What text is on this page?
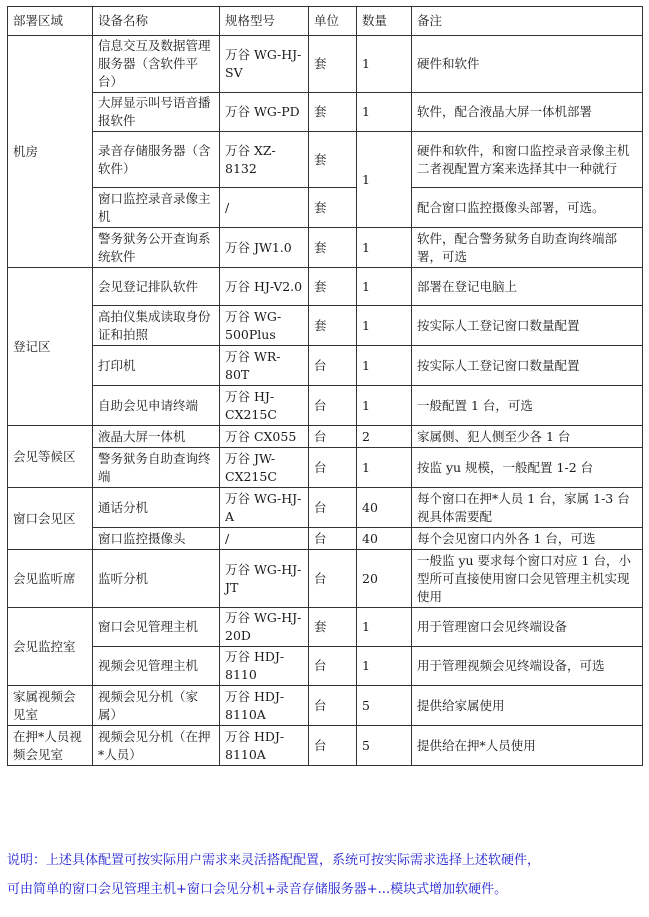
部署区域	设备名称	规格型号	单位	数量	备注
机房	信息交互及数据管理服务器（含软件平台）	万谷 WG-HJ-SV	套	1	硬件和软件
	大屏显示叫号语音播报软件	万谷 WG-PD	套	1	软件，配合液晶大屏一体机部署
	录音存储服务器（含软件）	万谷 XZ-8132	套	1	硬件和软件，和窗口监控录音录像主机二者视配置方案来选择其中一种就行
	窗口监控录音录像主机	/	套		配合窗口监控摄像头部署，可选。
	警务狱务公开查询系统软件	万谷 JW1.0	套	1	软件，配合警务狱务自助查询终端部署，可选
登记区	会见登记排队软件	万谷 HJ-V2.0	套	1	部署在登记电脑上
	高拍仪集成读取身份证和拍照	万谷 WG-500Plus	套	1	按实际人工登记窗口数量配置
	打印机	万谷 WR-80T	台	1	按实际人工登记窗口数量配置
	自助会见申请终端	万谷 HJ-CX215C	台	1	一般配置 1 台，可选
会见等候区	液晶大屏一体机	万谷 CX055	台	2	家属侧、犯人侧至少各 1 台
	警务狱务自助查询终端	万谷 JW-CX215C	台	1	按监 yu 规模，一般配置 1-2 台
窗口会见区	通话分机	万谷 WG-HJ-A	台	40	每个窗口在押*人员 1 台，家属 1-3 台视具体需要配
	窗口监控摄像头	/	台	40	每个会见窗口内外各 1 台，可选
会见监听席	监听分机	万谷 WG-HJ-JT	台	20	一般监 yu 要求每个窗口对应 1 台，小型所可直接使用窗口会见管理主机实现使用
会见监控室	窗口会见管理主机	万谷 WG-HJ-20D	套	1	用于管理窗口会见终端设备
	视频会见管理主机	万谷 HDJ-8110	台	1	用于管理视频会见终端设备，可选
家属视频会见室	视频会见分机（家属）	万谷 HDJ-8110A	台	5	提供给家属使用
在押*人员视频会见室	视频会见分机（在押*人员）	万谷 HDJ-8110A	台	5	提供给在押*人员使用
说明：上述具体配置可按实际用户需求来灵活搭配配置，系统可按实际需求选择上述软硬件，
可由简单的窗口会见管理主机+窗口会见分机+录音存储服务器+...模块式增加软硬件。
